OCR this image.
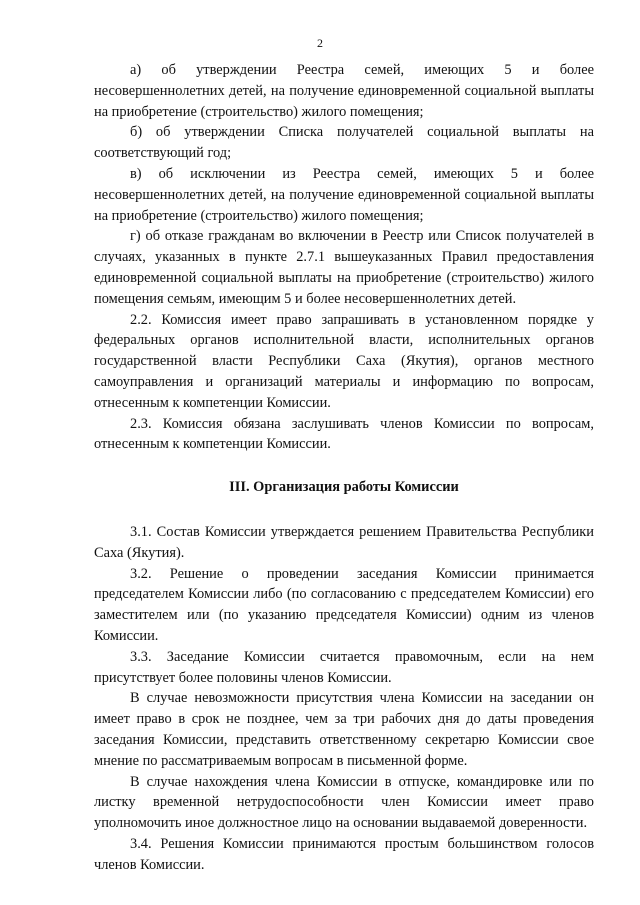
2

а) об утверждении Реестра семей, имеющих 5 и более несовершеннолетних детей, на получение единовременной социальной выплаты на приобретение (строительство) жилого помещения;

б) об утверждении Списка получателей социальной выплаты на соответствующий год;

в) об исключении из Реестра семей, имеющих 5 и более несовершеннолетних детей, на получение единовременной социальной выплаты на приобретение (строительство) жилого помещения;

г) об отказе гражданам во включении в Реестр или Список получателей в случаях, указанных в пункте 2.7.1 вышеуказанных Правил предоставления единовременной социальной выплаты на приобретение (строительство) жилого помещения семьям, имеющим 5 и более несовершеннолетних детей.

2.2. Комиссия имеет право запрашивать в установленном порядке у федеральных органов исполнительной власти, исполнительных органов государственной власти Республики Саха (Якутия), органов местного самоуправления и организаций материалы и информацию по вопросам, отнесенным к компетенции Комиссии.

2.3. Комиссия обязана заслушивать членов Комиссии по вопросам, отнесенным к компетенции Комиссии.

III. Организация работы Комиссии

3.1. Состав Комиссии утверждается решением Правительства Республики Саха (Якутия).

3.2. Решение о проведении заседания Комиссии принимается председателем Комиссии либо (по согласованию с председателем Комиссии) его заместителем или (по указанию председателя Комиссии) одним из членов Комиссии.

3.3. Заседание Комиссии считается правомочным, если на нем присутствует более половины членов Комиссии.

В случае невозможности присутствия члена Комиссии на заседании он имеет право в срок не позднее, чем за три рабочих дня до даты проведения заседания Комиссии, представить ответственному секретарю Комиссии свое мнение по рассматриваемым вопросам в письменной форме.

В случае нахождения члена Комиссии в отпуске, командировке или по листку временной нетрудоспособности член Комиссии имеет право уполномочить иное должностное лицо на основании выдаваемой доверенности.

3.4. Решения Комиссии принимаются простым большинством голосов членов Комиссии.
